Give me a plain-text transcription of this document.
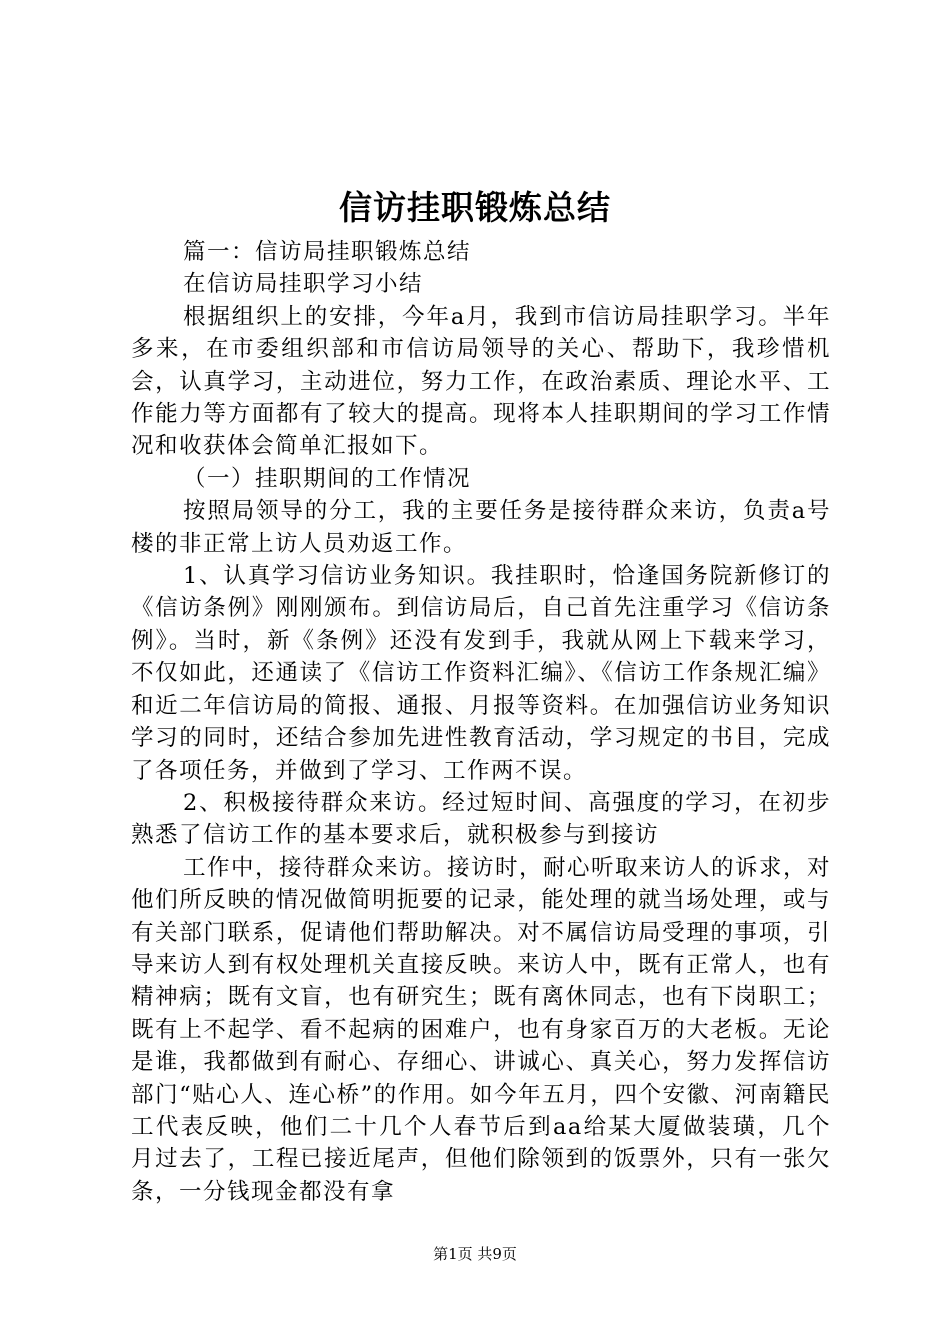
信访挂职锻炼总结

篇一：信访局挂职锻炼总结

在信访局挂职学习小结

根据组织上的安排，今年a月，我到市信访局挂职学习。半年多来，在市委组织部和市信访局领导的关心、帮助下，我珍惜机会，认真学习，主动进位，努力工作，在政治素质、理论水平、工作能力等方面都有了较大的提高。现将本人挂职期间的学习工作情况和收获体会简单汇报如下。

（一）挂职期间的工作情况

按照局领导的分工，我的主要任务是接待群众来访，负责a号楼的非正常上访人员劝返工作。

1、认真学习信访业务知识。我挂职时，恰逢国务院新修订的《信访条例》刚刚颁布。到信访局后，自己首先注重学习《信访条例》。当时，新《条例》还没有发到手，我就从网上下载来学习，不仅如此，还通读了《信访工作资料汇编》、《信访工作条规汇编》和近二年信访局的简报、通报、月报等资料。在加强信访业务知识学习的同时，还结合参加先进性教育活动，学习规定的书目，完成了各项任务，并做到了学习、工作两不误。

2、积极接待群众来访。经过短时间、高强度的学习，在初步熟悉了信访工作的基本要求后，就积极参与到接访

工作中，接待群众来访。接访时，耐心听取来访人的诉求，对他们所反映的情况做简明扼要的记录，能处理的就当场处理，或与有关部门联系，促请他们帮助解决。对不属信访局受理的事项，引导来访人到有权处理机关直接反映。来访人中，既有正常人，也有精神病；既有文盲，也有研究生；既有离休同志，也有下岗职工；既有上不起学、看不起病的困难户，也有身家百万的大老板。无论是谁，我都做到有耐心、存细心、讲诚心、真关心，努力发挥信访部门“贴心人、连心桥”的作用。如今年五月，四个安徽、河南籍民工代表反映，他们二十几个人春节后到aa给某大厦做装璜，几个月过去了，工程已接近尾声，但他们除领到的饭票外，只有一张欠条，一分钱现金都没有拿

第1页 共9页
